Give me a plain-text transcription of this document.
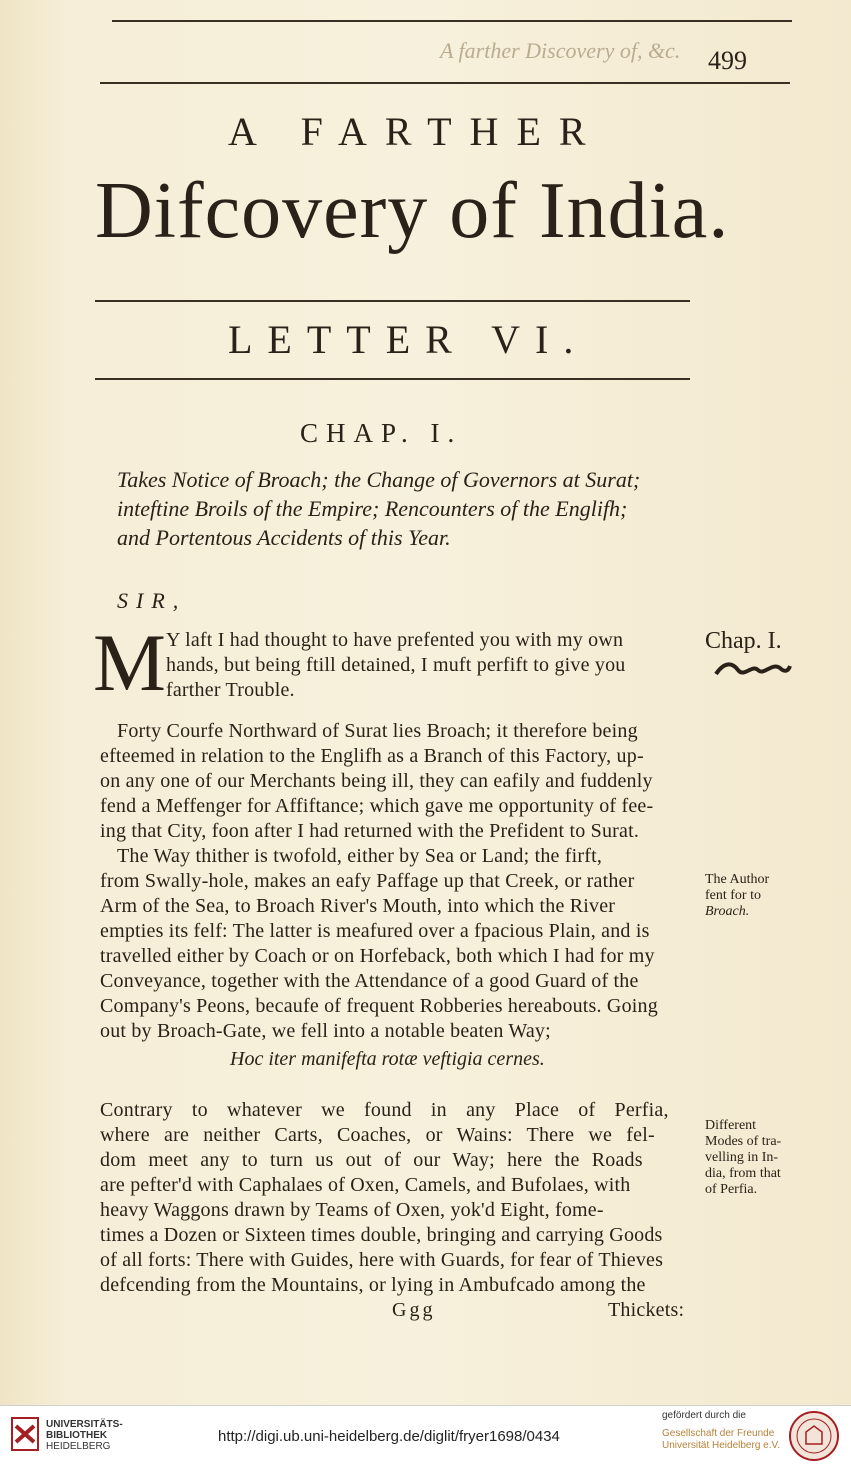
A farther Discovery of, &c. 499
A FARTHER
Difcovery of India.
LETTER VI.
CHAP. I.
Takes Notice of Broach; the Change of Governors at Surat;
inteftine Broils of the Empire; Rencounters of the Englifh;
and Portentous Accidents of this Year.
SIR,
M Y laft I had thought to have prefented you with my own
hands, but being ftill detained, I muft perfift to give you
farther Trouble.
Chap. I.
Forty Courfe Northward of Surat lies Broach; it therefore being
efteemed in relation to the Englifh as a Branch of this Factory, up-
on any one of our Merchants being ill, they can eafily and fuddenly
fend a Meffenger for Affiftance; which gave me opportunity of fee-
ing that City, foon after I had returned with the Prefident to Surat.
The Way thither is twofold, either by Sea or Land; the firft,
from Swally-hole, makes an eafy Paffage up that Creek, or rather
Arm of the Sea, to Broach River's Mouth, into which the River
empties its felf: The latter is meafured over a fpacious Plain, and is
travelled either by Coach or on Horfeback, both which I had for my
Conveyance, together with the Attendance of a good Guard of the
Company's Peons, becaufe of frequent Robberies hereabouts. Going
out by Broach-Gate, we fell into a notable beaten Way;
The Author
fent for to
Broach.
Hoc iter manifefta rotæ veftigia cernes.
Contrary to whatever we found in any Place of Perfia,
where are neither Carts, Coaches, or Wains: There we fel-
dom meet any to turn us out of our Way; here the Roads
are pefter'd with Caphalaes of Oxen, Camels, and Bufolaes, with
heavy Waggons drawn by Teams of Oxen, yok'd Eight, fome-
times a Dozen or Sixteen times double, bringing and carrying Goods
of all forts: There with Guides, here with Guards, for fear of Thieves
defcending from the Mountains, or lying in Ambufcado among the
Different
Modes of tra-
velling in In-
dia, from that
of Perfia.
Ggg	Thickets:
UNIVERSITÄTS-
BIBLIOTHEK
HEIDELBERG
http://digi.ub.uni-heidelberg.de/diglit/fryer1698/0434
gefördert durch die
Gesellschaft der Freunde
Universität Heidelberg e.V.
